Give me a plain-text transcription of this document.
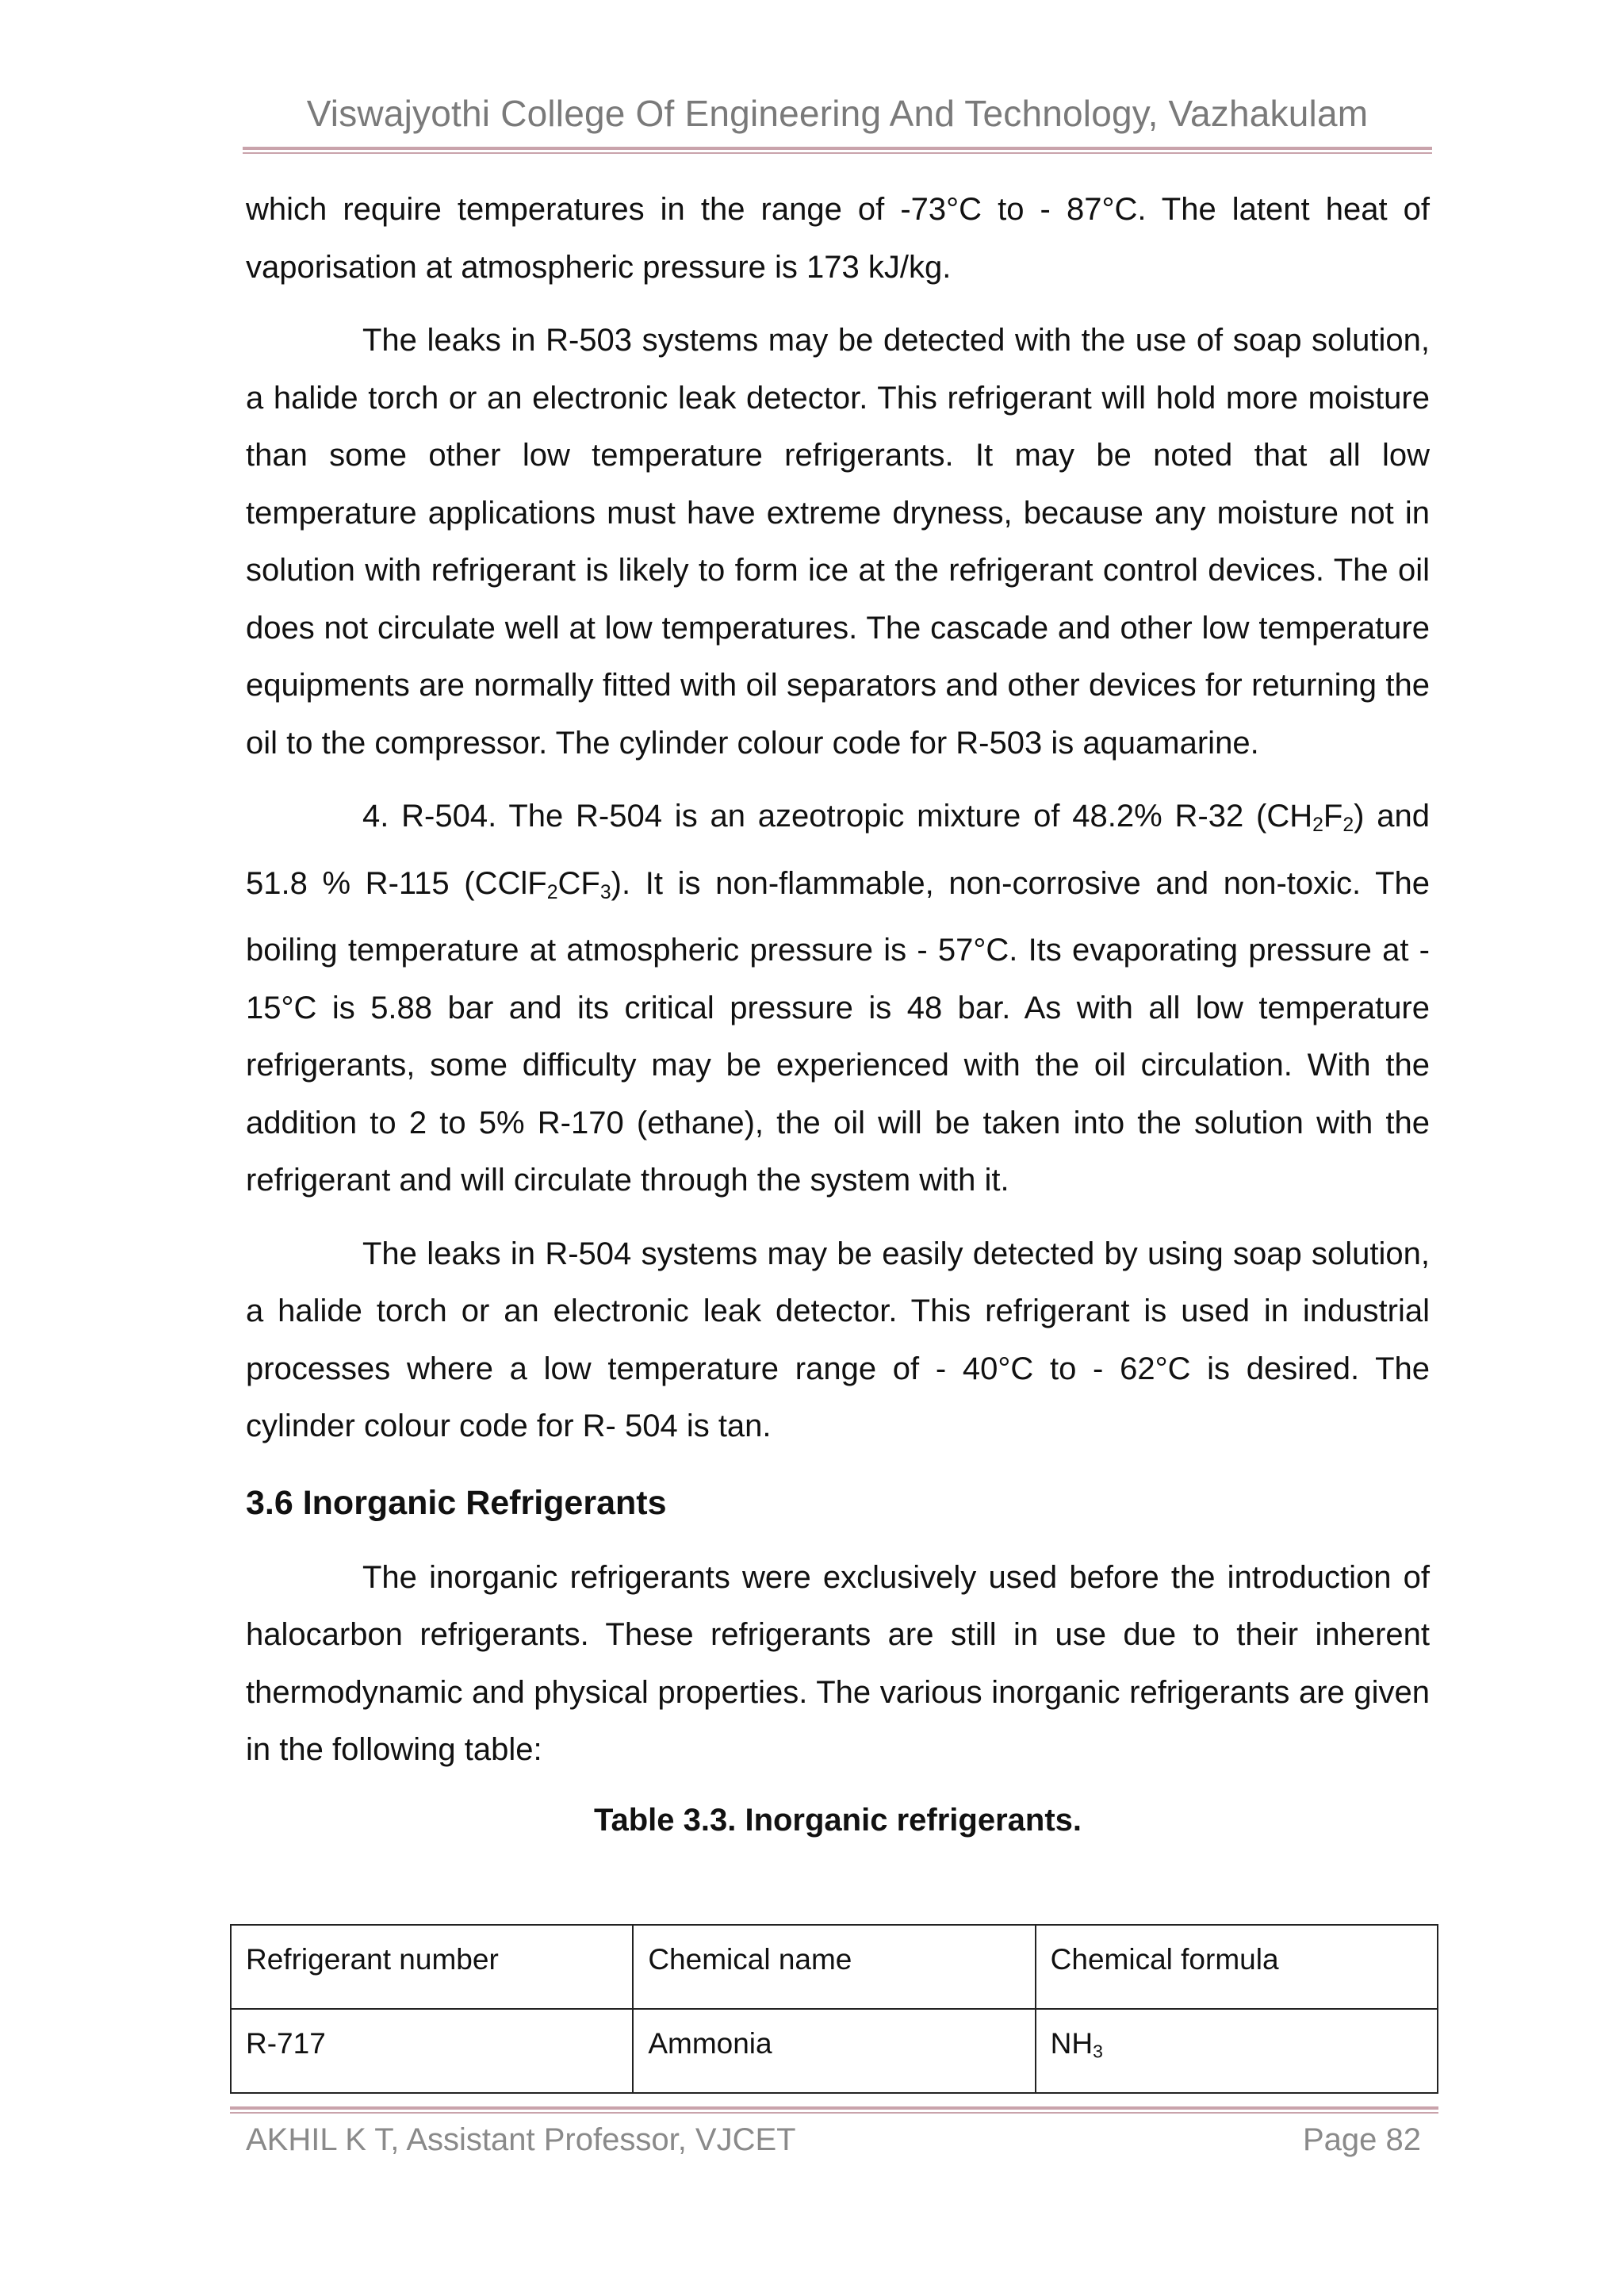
Viswajyothi College Of Engineering And Technology, Vazhakulam

which require temperatures in the range of -73°C to - 87°C. The latent heat of vaporisation at atmospheric pressure is 173 kJ/kg.

The leaks in R-503 systems may be detected with the use of soap solution, a halide torch or an electronic leak detector. This refrigerant will hold more moisture than some other low temperature refrigerants. It may be noted that all low temperature applications must have extreme dryness, because any moisture not in solution with refrigerant is likely to form ice at the refrigerant control devices. The oil does not circulate well at low temperatures. The cascade and other low temperature equipments are normally fitted with oil separators and other devices for returning the oil to the compressor. The cylinder colour code for R-503 is aquamarine.

4. R-504. The R-504 is an azeotropic mixture of 48.2% R-32 $(CH_2F_2)$ and 51.8 % R-115 $(CClF_2CF_3)$. It is non-flammable, non-corrosive and non-toxic. The boiling temperature at atmospheric pressure is - 57°C. Its evaporating pressure at - 15°C is 5.88 bar and its critical pressure is 48 bar. As with all low temperature refrigerants, some difficulty may be experienced with the oil circulation. With the addition to 2 to 5% R-170 (ethane), the oil will be taken into the solution with the refrigerant and will circulate through the system with it.

The leaks in R-504 systems may be easily detected by using soap solution, a halide torch or an electronic leak detector. This refrigerant is used in industrial processes where a low temperature range of - 40°C to - 62°C is desired. The cylinder colour code for R- 504 is tan.

3.6 Inorganic Refrigerants

The inorganic refrigerants were exclusively used before the introduction of halocarbon refrigerants. These refrigerants are still in use due to their inherent thermodynamic and physical properties. The various inorganic refrigerants are given in the following table:

Table 3.3. Inorganic refrigerants.
Refrigerant number	Chemical name	Chemical formula
R-717	Ammonia	$NH_3$
AKHIL K T, Assistant Professor, VJCET	Page 82
